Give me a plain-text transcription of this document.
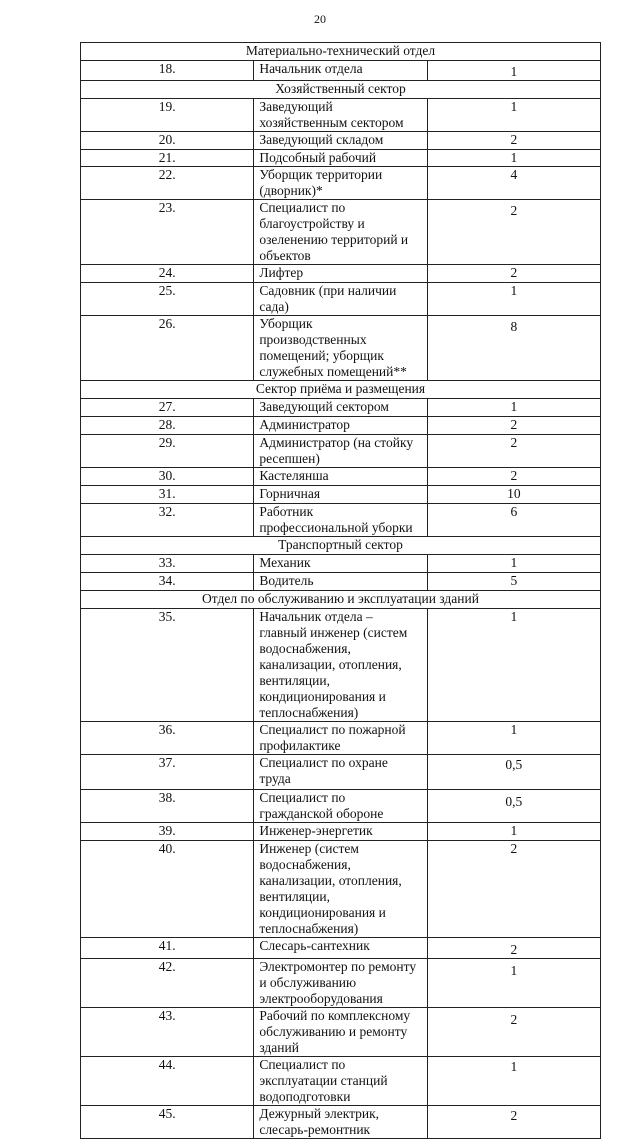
20
Материально-технический отдел		
18.	Начальник отдела	1

Хозяйственный сектор		
19.	Заведующий хозяйственным сектором	1

20.	Заведующий складом	2

21.	Подсобный рабочий	1

22.	Уборщик территории (дворник)*	4

23.	Специалист по благоустройству и озеленению территорий и объектов	2

24.	Лифтер	2

25.	Садовник (при наличии сада)	1

26.	Уборщик производственных помещений; уборщик служебных помещений**	8

Сектор приёма и размещения		
27.	Заведующий сектором	1

28.	Администратор	2

29.	Администратор (на стойку ресепшен)	2

30.	Кастелянша	2

31.	Горничная	10

32.	Работник профессиональной уборки	6

Транспортный сектор		
33.	Механик	1

34.	Водитель	5

Отдел по обслуживанию и эксплуатации зданий		
35.	Начальник отдела – главный инженер (систем водоснабжения, канализации, отопления, вентиляции, кондиционирования и теплоснабжения)	1

36.	Специалист по пожарной профилактике	1

37.	Специалист по охране труда	0,5

38.	Специалист по гражданской обороне	0,5

39.	Инженер-энергетик	1

40.	Инженер (систем водоснабжения, канализации, отопления, вентиляции, кондиционирования и теплоснабжения)	2

41.	Слесарь-сантехник	2

42.	Электромонтер по ремонту и обслуживанию электрооборудования	1

43.	Рабочий по комплексному обслуживанию и ремонту зданий	2

44.	Специалист по эксплуатации станций водоподготовки	1

45.	Дежурный электрик, слесарь-ремонтник	2
